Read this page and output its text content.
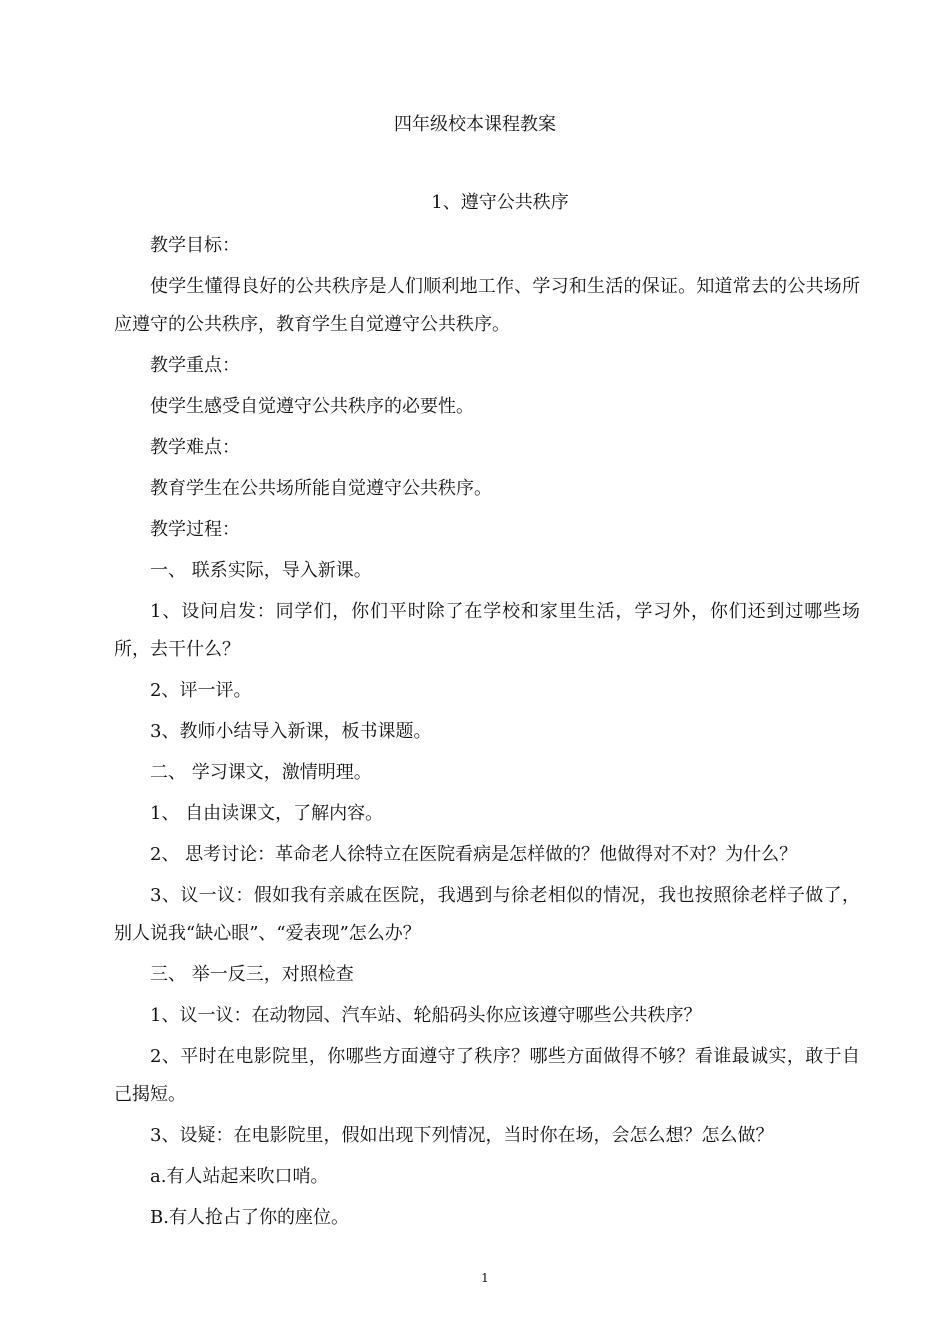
四年级校本课程教案
1、遵守公共秩序

教学目标：

使学生懂得良好的公共秩序是人们顺利地工作、学习和生活的保证。知道常去的公共场所应遵守的公共秩序，教育学生自觉遵守公共秩序。

教学重点：

使学生感受自觉遵守公共秩序的必要性。

教学难点：

教育学生在公共场所能自觉遵守公共秩序。

教学过程：

一、 联系实际，导入新课。

1、设问启发：同学们，你们平时除了在学校和家里生活，学习外，你们还到过哪些场所，去干什么？

2、评一评。

3、教师小结导入新课，板书课题。

二、 学习课文，激情明理。

1、 自由读课文，了解内容。

2、 思考讨论：革命老人徐特立在医院看病是怎样做的？他做得对不对？为什么？

3、议一议：假如我有亲戚在医院，我遇到与徐老相似的情况，我也按照徐老样子做了，别人说我“缺心眼”、“爱表现”怎么办？

三、 举一反三，对照检查

1、议一议：在动物园、汽车站、轮船码头你应该遵守哪些公共秩序？

2、平时在电影院里，你哪些方面遵守了秩序？哪些方面做得不够？看谁最诚实，敢于自己揭短。

3、设疑：在电影院里，假如出现下列情况，当时你在场，会怎么想？怎么做？

a.有人站起来吹口哨。

B.有人抢占了你的座位。

1
